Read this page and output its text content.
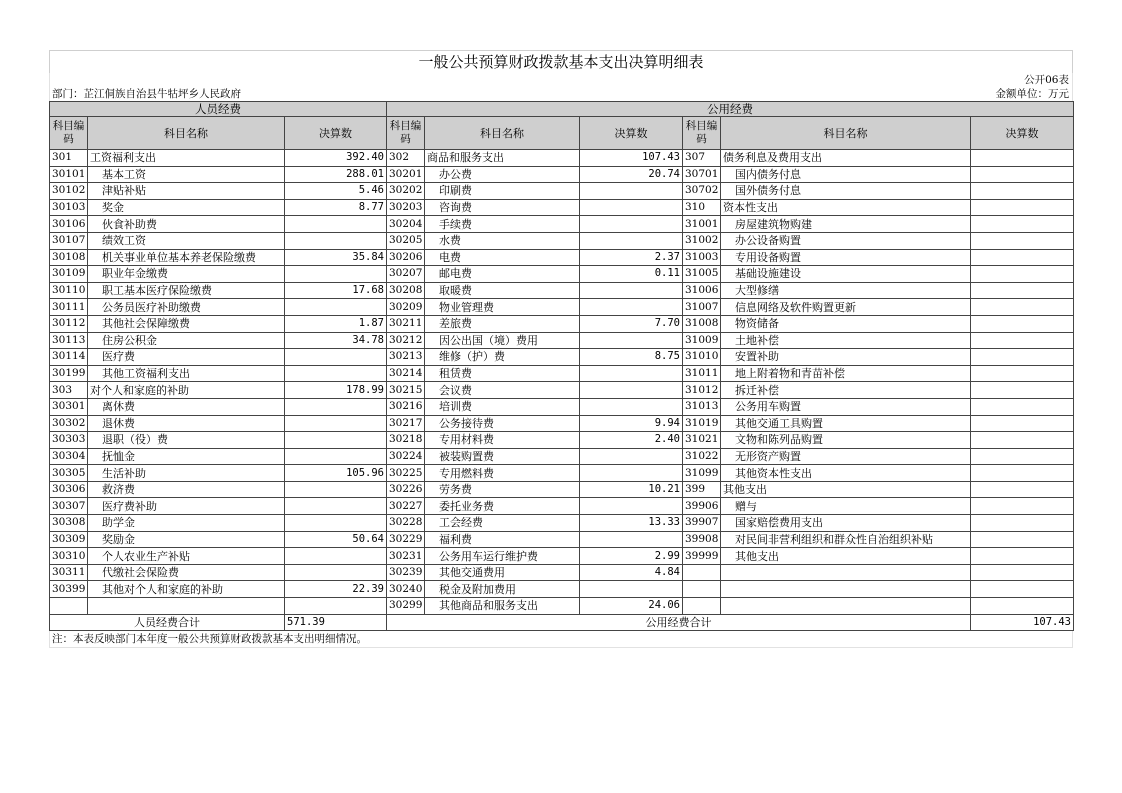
一般公共预算财政拨款基本支出决算明细表
公开06表
部门：芷江侗族自治县牛牯坪乡人民政府	金额单位：万元
人员经费			公用经费					
科目编码	科目名称	决算数	科目编码	科目名称	决算数	科目编码	科目名称	决算数
301	工资福利支出	392.40	302	商品和服务支出	107.43	307	债务利息及费用支出	
30101	基本工资	288.01	30201	办公费	20.74	30701	国内债务付息	
30102	津贴补贴	5.46	30202	印刷费		30702	国外债务付息	
30103	奖金	8.77	30203	咨询费		310	资本性支出	
30106	伙食补助费		30204	手续费		31001	房屋建筑物购建	
30107	绩效工资		30205	水费		31002	办公设备购置	
30108	机关事业单位基本养老保险缴费	35.84	30206	电费	2.37	31003	专用设备购置	
30109	职业年金缴费		30207	邮电费	0.11	31005	基础设施建设	
30110	职工基本医疗保险缴费	17.68	30208	取暖费		31006	大型修缮	
30111	公务员医疗补助缴费		30209	物业管理费		31007	信息网络及软件购置更新	
30112	其他社会保障缴费	1.87	30211	差旅费	7.70	31008	物资储备	
30113	住房公积金	34.78	30212	因公出国（境）费用		31009	土地补偿	
30114	医疗费		30213	维修（护）费	8.75	31010	安置补助	
30199	其他工资福利支出		30214	租赁费		31011	地上附着物和青苗补偿	
303	对个人和家庭的补助	178.99	30215	会议费		31012	拆迁补偿	
30301	离休费		30216	培训费		31013	公务用车购置	
30302	退休费		30217	公务接待费	9.94	31019	其他交通工具购置	
30303	退职（役）费		30218	专用材料费	2.40	31021	文物和陈列品购置	
30304	抚恤金		30224	被装购置费		31022	无形资产购置	
30305	生活补助	105.96	30225	专用燃料费		31099	其他资本性支出	
30306	救济费		30226	劳务费	10.21	399	其他支出	
30307	医疗费补助		30227	委托业务费		39906	赠与	
30308	助学金		30228	工会经费	13.33	39907	国家赔偿费用支出	
30309	奖励金	50.64	30229	福利费		39908	对民间非营利组织和群众性自治组织补贴	
30310	个人农业生产补贴		30231	公务用车运行维护费	2.99	39999	其他支出	
30311	代缴社会保险费		30239	其他交通费用	4.84			
30399	其他对个人和家庭的补助	22.39	30240	税金及附加费用				
			30299	其他商品和服务支出	24.06			
人员经费合计		571.39	公用经费合计					107.43
注：本表反映部门本年度一般公共预算财政拨款基本支出明细情况。
